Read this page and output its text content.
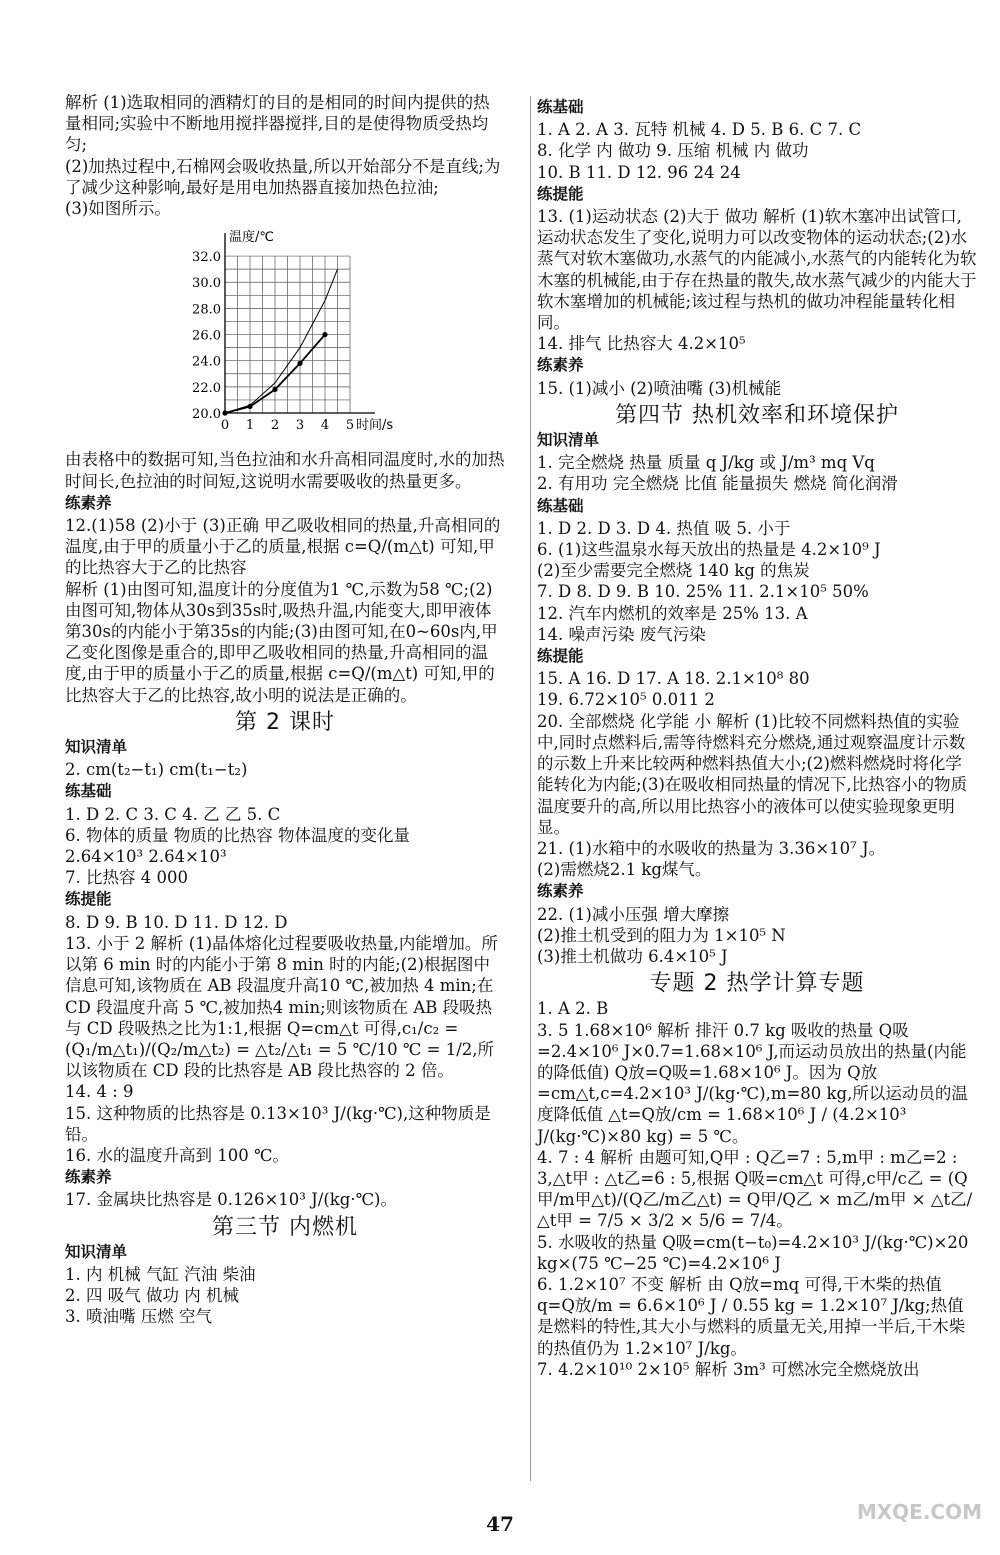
解析 (1)选取相同的酒精灯的目的是相同的时间内提供的热量相同;实验中不断地用搅拌器搅拌,目的是使得物质受热均匀;
(2)加热过程中,石棉网会吸收热量,所以开始部分不是直线;为了减少这种影响,最好是用电加热器直接加热色拉油;
(3)如图所示。
20.0
22.0
24.0
26.0
28.0
30.0
32.0
0 1 2 3 4 5
温度/℃
时间/s
由表格中的数据可知,当色拉油和水升高相同温度时,水的加热时间长,色拉油的时间短,这说明水需要吸收的热量更多。
练素养
12.(1)58 (2)小于 (3)正确 甲乙吸收相同的热量,升高相同的温度,由于甲的质量小于乙的质量,根据 c=Q/(m△t) 可知,甲的比热容大于乙的比热容
解析 (1)由图可知,温度计的分度值为1 ℃,示数为58 ℃;(2)由图可知,物体从30s到35s时,吸热升温,内能变大,即甲液体第30s的内能小于第35s的内能;(3)由图可知,在0~60s内,甲乙变化图像是重合的,即甲乙吸收相同的热量,升高相同的温度,由于甲的质量小于乙的质量,根据 c=Q/(m△t) 可知,甲的比热容大于乙的比热容,故小明的说法是正确的。
第 2 课时
知识清单
2. cm(t₂−t₁) cm(t₁−t₂)
练基础
1. D 2. C 3. C 4. 乙 乙 5. C
6. 物体的质量 物质的比热容 物体温度的变化量
2.64×10³ 2.64×10³
7. 比热容 4 000
练提能
8. D 9. B 10. D 11. D 12. D
13. 小于 2 解析 (1)晶体熔化过程要吸收热量,内能增加。所以第 6 min 时的内能小于第 8 min 时的内能;(2)根据图中信息可知,该物质在 AB 段温度升高10 ℃,被加热 4 min;在 CD 段温度升高 5 ℃,被加热4 min;则该物质在 AB 段吸热与 CD 段吸热之比为1:1,根据 Q=cm△t 可得,c₁/c₂ = (Q₁/m△t₁)/(Q₂/m△t₂) = △t₂/△t₁ = 5 ℃/10 ℃ = 1/2,所以该物质在 CD 段的比热容是 AB 段比热容的 2 倍。
14. 4 : 9
15. 这种物质的比热容是 0.13×10³ J/(kg·℃),这种物质是铅。
16. 水的温度升高到 100 ℃。
练素养
17. 金属块比热容是 0.126×10³ J/(kg·℃)。
第三节 内燃机
知识清单
1. 内 机械 气缸 汽油 柴油
2. 四 吸气 做功 内 机械
3. 喷油嘴 压燃 空气
练基础
1. A 2. A 3. 瓦特 机械 4. D 5. B 6. C 7. C
8. 化学 内 做功 9. 压缩 机械 内 做功
10. B 11. D 12. 96 24 24
练提能
13. (1)运动状态 (2)大于 做功 解析 (1)软木塞冲出试管口,运动状态发生了变化,说明力可以改变物体的运动状态;(2)水蒸气对软木塞做功,水蒸气的内能减小,水蒸气的内能转化为软木塞的机械能,由于存在热量的散失,故水蒸气减少的内能大于软木塞增加的机械能;该过程与热机的做功冲程能量转化相同。
14. 排气 比热容大 4.2×10⁵
练素养
15. (1)减小 (2)喷油嘴 (3)机械能
第四节 热机效率和环境保护
知识清单
1. 完全燃烧 热量 质量 q J/kg 或 J/m³ mq Vq
2. 有用功 完全燃烧 比值 能量损失 燃烧 简化润滑
练基础
1. D 2. D 3. D 4. 热值 吸 5. 小于
6. (1)这些温泉水每天放出的热量是 4.2×10⁹ J
(2)至少需要完全燃烧 140 kg 的焦炭
7. D 8. D 9. B 10. 25% 11. 2.1×10⁵ 50%
12. 汽车内燃机的效率是 25% 13. A
14. 噪声污染 废气污染
练提能
15. A 16. D 17. A 18. 2.1×10⁸ 80
19. 6.72×10⁵ 0.011 2
20. 全部燃烧 化学能 小 解析 (1)比较不同燃料热值的实验中,同时点燃料后,需等待燃料充分燃烧,通过观察温度计示数的示数上升来比较两种燃料热值大小;(2)燃料燃烧时将化学能转化为内能;(3)在吸收相同热量的情况下,比热容小的物质温度要升的高,所以用比热容小的液体可以使实验现象更明显。
21. (1)水箱中的水吸收的热量为 3.36×10⁷ J。
(2)需燃烧2.1 kg煤气。
练素养
22. (1)减小压强 增大摩擦
(2)推土机受到的阻力为 1×10⁵ N
(3)推土机做功 6.4×10⁵ J
专题 2 热学计算专题
1. A 2. B
3. 5 1.68×10⁶ 解析 排汗 0.7 kg 吸收的热量 Q吸=2.4×10⁶ J×0.7=1.68×10⁶ J,而运动员放出的热量(内能的降低值) Q放=Q吸=1.68×10⁶ J。因为 Q放=cm△t,c=4.2×10³ J/(kg·℃),m=80 kg,所以运动员的温度降低值 △t=Q放/cm = 1.68×10⁶ J / (4.2×10³ J/(kg·℃)×80 kg) = 5 ℃。
4. 7 : 4 解析 由题可知,Q甲 : Q乙=7 : 5,m甲 : m乙=2 : 3,△t甲 : △t乙=6 : 5,根据 Q吸=cm△t 可得,c甲/c乙 = (Q甲/m甲△t)/(Q乙/m乙△t) = Q甲/Q乙 × m乙/m甲 × △t乙/△t甲 = 7/5 × 3/2 × 5/6 = 7/4。
5. 水吸收的热量 Q吸=cm(t−t₀)=4.2×10³ J/(kg·℃)×20 kg×(75 ℃−25 ℃)=4.2×10⁶ J
6. 1.2×10⁷ 不变 解析 由 Q放=mq 可得,干木柴的热值 q=Q放/m = 6.6×10⁶ J / 0.55 kg = 1.2×10⁷ J/kg;热值是燃料的特性,其大小与燃料的质量无关,用掉一半后,干木柴的热值仍为 1.2×10⁷ J/kg。
7. 4.2×10¹⁰ 2×10⁵ 解析 3m³ 可燃冰完全燃烧放出
47	MXQE.COM
